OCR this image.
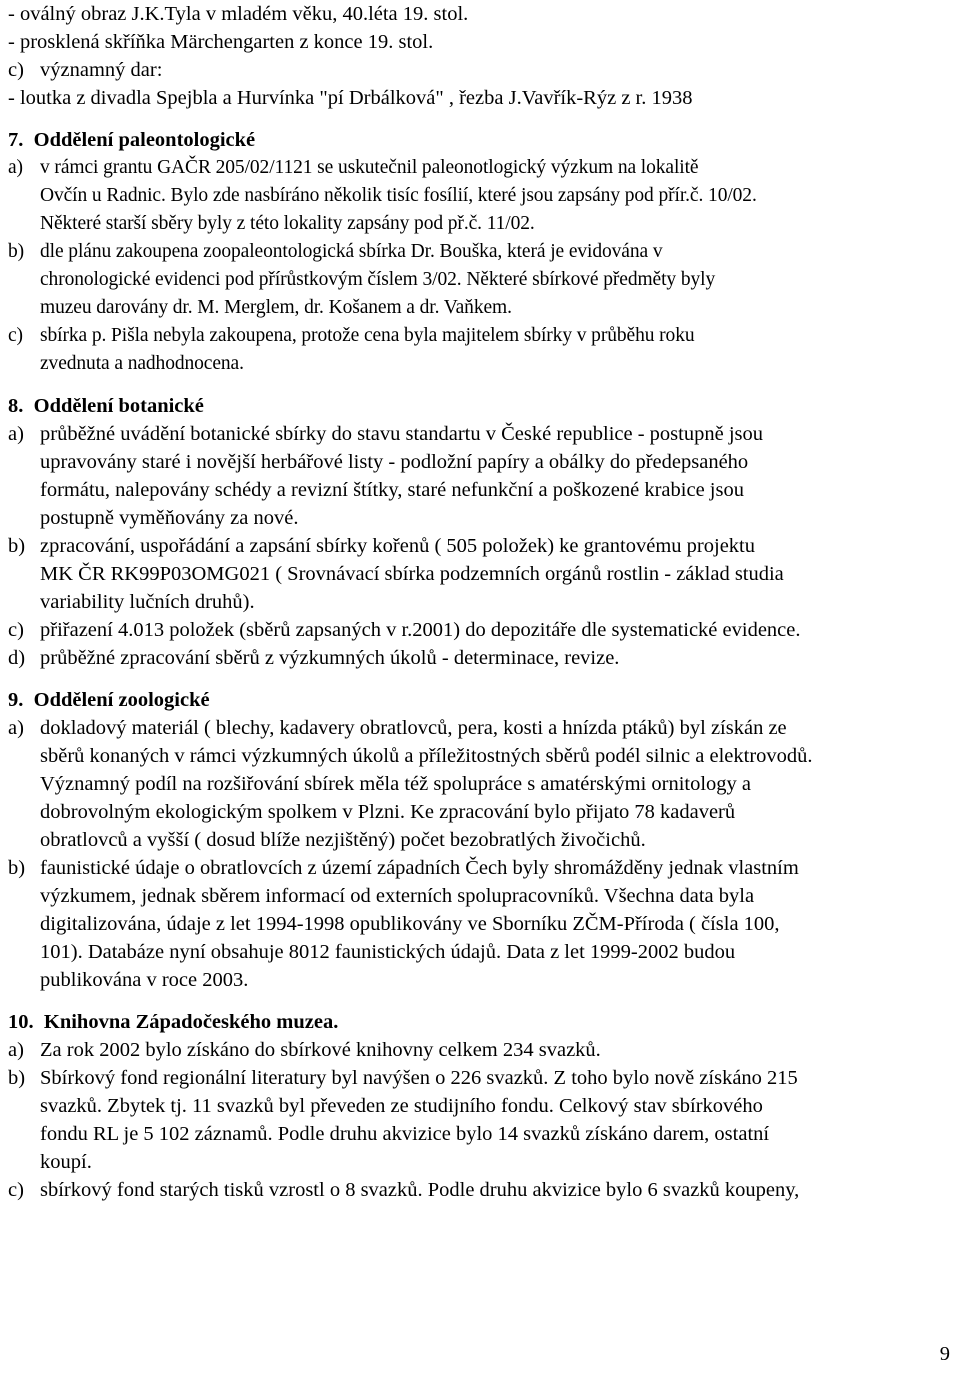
- oválný obraz J.K.Tyla v mladém věku, 40.léta 19. stol.
- prosklená skříňka Märchengarten z konce 19. stol.
c) významný dar:
- loutka z divadla Spejbla a Hurvínka "pí Drbálková" , řezba J.Vavřík-Rýz z r. 1938
7. Oddělení paleontologické
a) v rámci grantu GAČR 205/02/1121 se uskutečnil paleonotlogický výzkum na lokalitě
Ovčín u Radnic. Bylo zde nasbíráno několik tisíc fosílií, které jsou zapsány pod přír.č. 10/02.
Některé starší sběry byly z této lokality zapsány pod př.č. 11/02.
b) dle plánu zakoupena zoopaleontologická sbírka Dr. Bouška, která je evidována v
chronologické evidenci pod přírůstkovým číslem 3/02. Některé sbírkové předměty byly
muzeu darovány dr. M. Merglem, dr. Košanem a dr. Vaňkem.
c) sbírka p. Pišla nebyla zakoupena, protože cena byla majitelem sbírky v průběhu roku
zvednuta a nadhodnocena.
8. Oddělení botanické
a) průběžné uvádění botanické sbírky do stavu standartu v České republice - postupně jsou
upravovány staré i novější herbářové listy - podložní papíry a obálky do předepsaného
formátu, nalepovány schédy a revizní štítky, staré nefunkční a poškozené krabice jsou
postupně vyměňovány za nové.
b) zpracování, uspořádání a zapsání sbírky kořenů ( 505 položek) ke grantovému projektu
MK ČR RK99P03OMG021 ( Srovnávací sbírka podzemních orgánů rostlin - základ studia
variability lučních druhů).
c) přiřazení 4.013 položek (sběrů zapsaných v r.2001) do depozitáře dle systematické evidence.
d) průběžné zpracování sběrů z výzkumných úkolů - determinace, revize.
9. Oddělení zoologické
a) dokladový materiál ( blechy, kadavery obratlovců, pera, kosti a hnízda ptáků) byl získán ze
sběrů konaných v rámci výzkumných úkolů a příležitostných sběrů podél silnic a elektrovodů.
Významný podíl na rozšiřování sbírek měla též spolupráce s amatérskými ornitology a
dobrovolným ekologickým spolkem v Plzni. Ke zpracování bylo přijato 78 kadaverů
obratlovců a vyšší ( dosud blíže nezjištěný) počet bezobratlých živočichů.
b) faunistické údaje o obratlovcích z území západních Čech byly shromážděny jednak vlastním
výzkumem, jednak sběrem informací od externích spolupracovníků. Všechna data byla
digitalizována, údaje z let 1994-1998 opublikovány ve Sborníku ZČM-Příroda ( čísla 100,
101). Databáze nyní obsahuje 8012 faunistických údajů. Data z let 1999-2002 budou
publikována v roce 2003.
10. Knihovna Západočeského muzea.
a) Za rok 2002 bylo získáno do sbírkové knihovny celkem 234 svazků.
b) Sbírkový fond regionální literatury byl navýšen o 226 svazků. Z toho bylo nově získáno 215
svazků. Zbytek tj. 11 svazků byl převeden ze studijního fondu. Celkový stav sbírkového
fondu RL je 5 102 záznamů. Podle druhu akvizice bylo 14 svazků získáno darem, ostatní
koupí.
c) sbírkový fond starých tisků vzrostl o 8 svazků. Podle druhu akvizice bylo 6 svazků koupeny,
9
